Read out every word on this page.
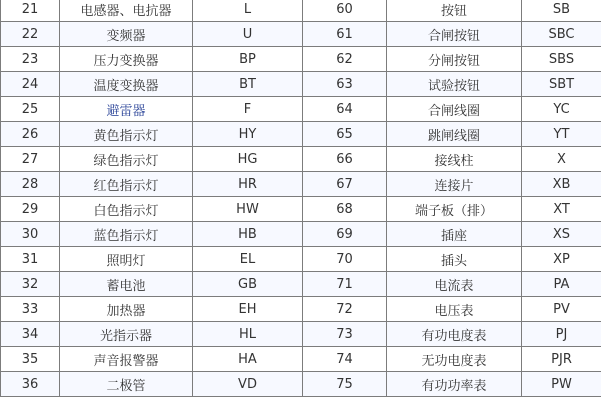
21	电感器、电抗器	L	60	按钮	SB
22	变频器	U	61	合闸按钮	SBC
23	压力变换器	BP	62	分闸按钮	SBS
24	温度变换器	BT	63	试验按钮	SBT
25	避雷器	F	64	合闸线圈	YC
26	黄色指示灯	HY	65	跳闸线圈	YT
27	绿色指示灯	HG	66	接线柱	X
28	红色指示灯	HR	67	连接片	XB
29	白色指示灯	HW	68	端子板（排）	XT
30	蓝色指示灯	HB	69	插座	XS
31	照明灯	EL	70	插头	XP
32	蓄电池	GB	71	电流表	PA
33	加热器	EH	72	电压表	PV
34	光指示器	HL	73	有功电度表	PJ
35	声音报警器	HA	74	无功电度表	PJR
36	二极管	VD	75	有功功率表	PW
